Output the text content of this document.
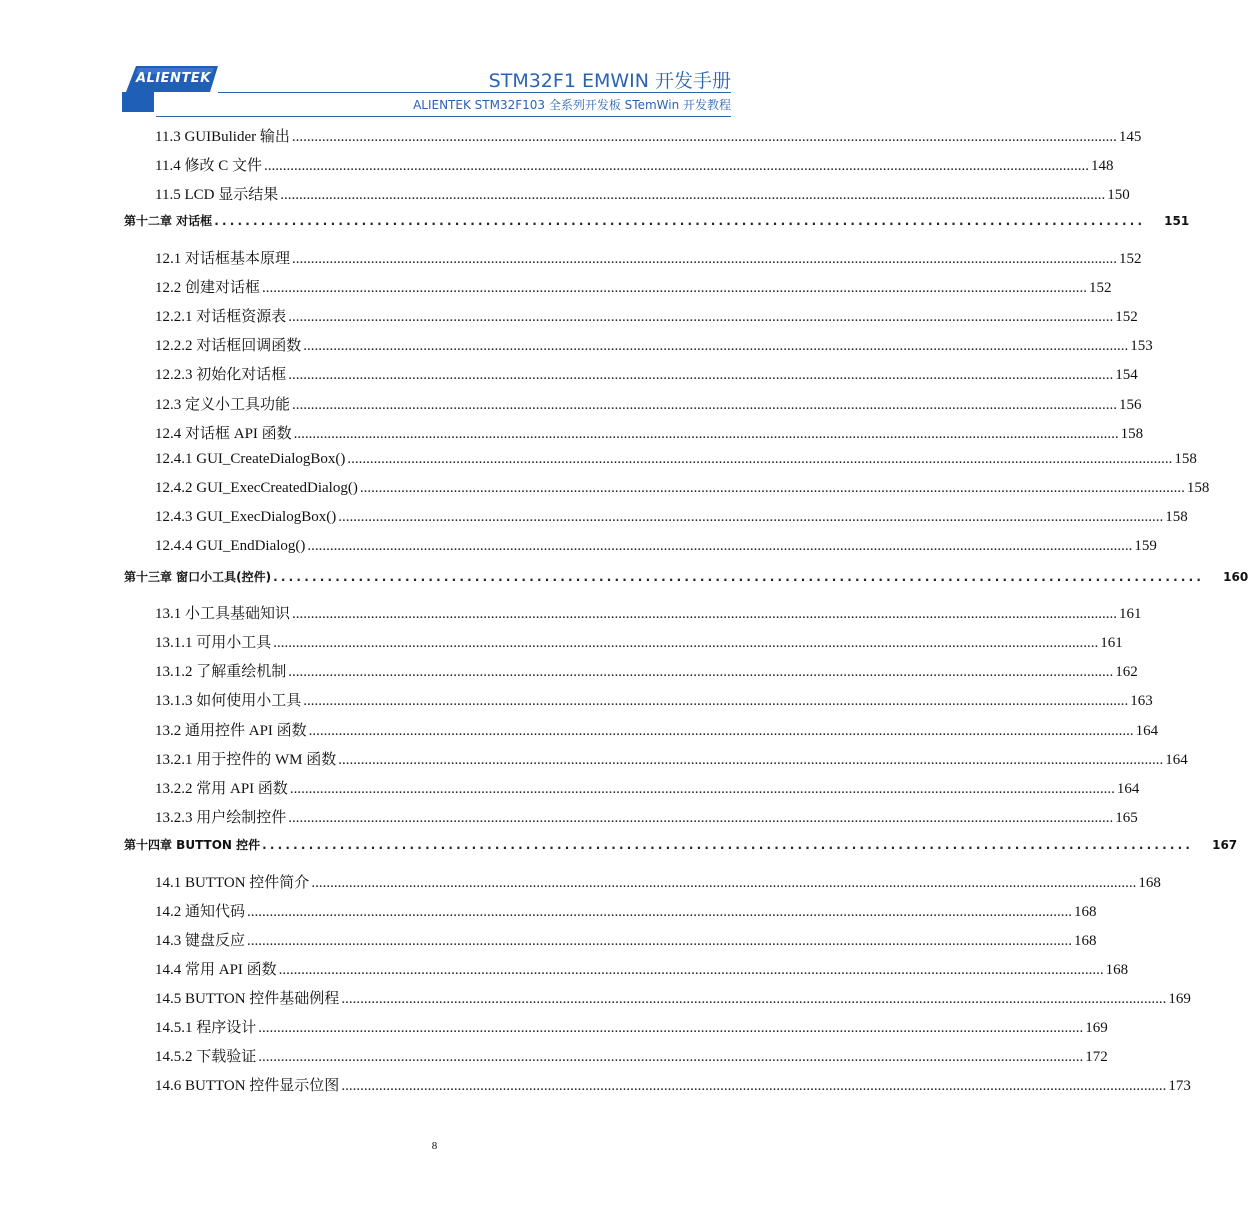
ALIENTEK	STM32F1 EMWIN 开发手册
ALIENTEK STM32F103 全系列开发板 STemWin 开发教程
11.3 GUIBulider 输出 ............................................................................................................................................................................................................................ 145
11.4 修改 C 文件 ............................................................................................................................................................................................................................ 148
11.5 LCD 显示结果 ............................................................................................................................................................................................................................ 150
第十二章 对话框 ........................................................................................................................	151
12.1 对话框基本原理 ............................................................................................................................................................................................................................ 152
12.2 创建对话框 ............................................................................................................................................................................................................................ 152
12.2.1 对话框资源表 ............................................................................................................................................................................................................................ 152
12.2.2 对话框回调函数 ............................................................................................................................................................................................................................ 153
12.2.3 初始化对话框 ............................................................................................................................................................................................................................ 154
12.3 定义小工具功能 ............................................................................................................................................................................................................................ 156
12.4 对话框 API 函数 ............................................................................................................................................................................................................................ 158
12.4.1 GUI_CreateDialogBox() ............................................................................................................................................................................................................................ 158
12.4.2 GUI_ExecCreatedDialog() ............................................................................................................................................................................................................................ 158
12.4.3 GUI_ExecDialogBox() ............................................................................................................................................................................................................................ 158
12.4.4 GUI_EndDialog() ............................................................................................................................................................................................................................ 159
第十三章 窗口小工具(控件) ........................................................................................................................	160
13.1 小工具基础知识 ............................................................................................................................................................................................................................ 161
13.1.1 可用小工具 ............................................................................................................................................................................................................................ 161
13.1.2 了解重绘机制 ............................................................................................................................................................................................................................ 162
13.1.3 如何使用小工具 ............................................................................................................................................................................................................................ 163
13.2 通用控件 API 函数 ............................................................................................................................................................................................................................ 164
13.2.1 用于控件的 WM 函数 ............................................................................................................................................................................................................................ 164
13.2.2 常用 API 函数 ............................................................................................................................................................................................................................ 164
13.2.3 用户绘制控件 ............................................................................................................................................................................................................................ 165
第十四章 BUTTON 控件 ........................................................................................................................	167
14.1 BUTTON 控件简介 ............................................................................................................................................................................................................................ 168
14.2 通知代码 ............................................................................................................................................................................................................................ 168
14.3 键盘反应 ............................................................................................................................................................................................................................ 168
14.4 常用 API 函数 ............................................................................................................................................................................................................................ 168
14.5 BUTTON 控件基础例程 ............................................................................................................................................................................................................................ 169
14.5.1 程序设计 ............................................................................................................................................................................................................................ 169
14.5.2 下载验证 ............................................................................................................................................................................................................................ 172
14.6 BUTTON 控件显示位图 ............................................................................................................................................................................................................................ 173
8
